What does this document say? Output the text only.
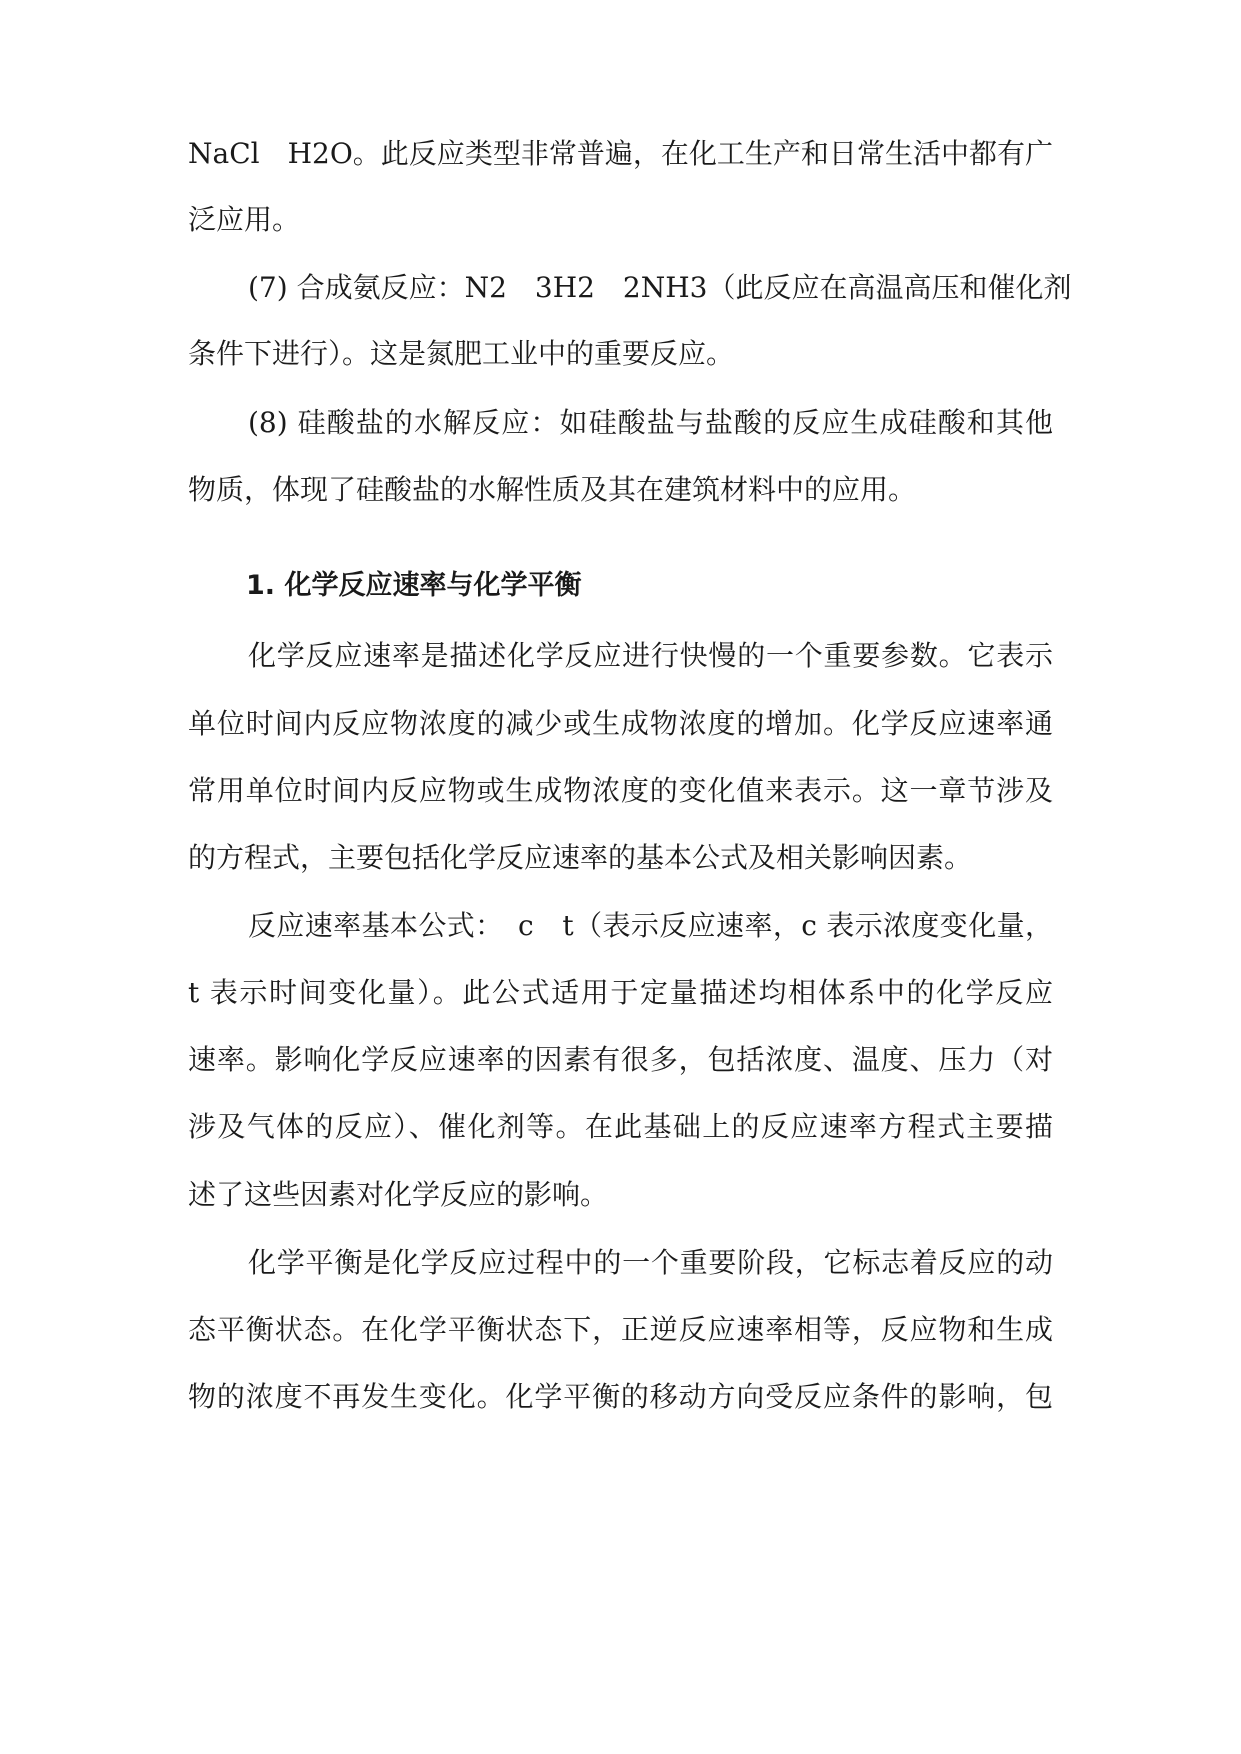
NaCl　H2O。此反应类型非常普遍，在化工生产和日常生活中都有广
泛应用。
(7) 合成氨反应：N2　3H2　2NH3（此反应在高温高压和催化剂
条件下进行）。这是氮肥工业中的重要反应。
(8) 硅酸盐的水解反应：如硅酸盐与盐酸的反应生成硅酸和其他
物质，体现了硅酸盐的水解性质及其在建筑材料中的应用。
1. 化学反应速率与化学平衡
化学反应速率是描述化学反应进行快慢的一个重要参数。它表示
单位时间内反应物浓度的减少或生成物浓度的增加。化学反应速率通
常用单位时间内反应物或生成物浓度的变化值来表示。这一章节涉及
的方程式，主要包括化学反应速率的基本公式及相关影响因素。
反应速率基本公式：　c　t（表示反应速率，c 表示浓度变化量，
t 表示时间变化量）。此公式适用于定量描述均相体系中的化学反应
速率。影响化学反应速率的因素有很多，包括浓度、温度、压力（对
涉及气体的反应）、催化剂等。在此基础上的反应速率方程式主要描
述了这些因素对化学反应的影响。
化学平衡是化学反应过程中的一个重要阶段，它标志着反应的动
态平衡状态。在化学平衡状态下，正逆反应速率相等，反应物和生成
物的浓度不再发生变化。化学平衡的移动方向受反应条件的影响，包
